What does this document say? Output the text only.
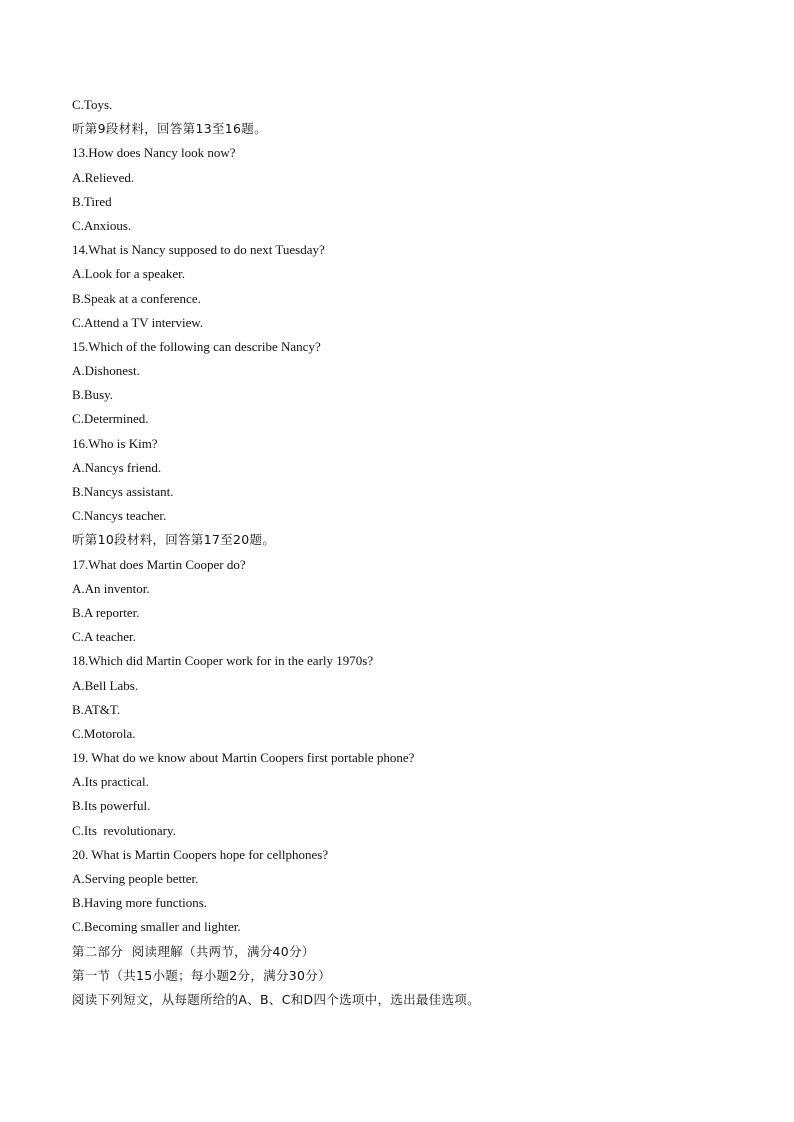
C.Toys.
听第9段材料，回答第13至16题。
13.How does Nancy look now?
A.Relieved.
B.Tired
C.Anxious.
14.What is Nancy supposed to do next Tuesday?
A.Look for a speaker.
B.Speak at a conference.
C.Attend a TV interview.
15.Which of the following can describe Nancy?
A.Dishonest.
B.Busy.
C.Determined.
16.Who is Kim?
A.Nancys friend.
B.Nancys assistant.
C.Nancys teacher.
听第10段材料，回答第17至20题。
17.What does Martin Cooper do?
A.An inventor.
B.A reporter.
C.A teacher.
18.Which did Martin Cooper work for in the early 1970s?
A.Bell Labs.
B.AT&T.
C.Motorola.
19. What do we know about Martin Coopers first portable phone?
A.Its practical.
B.Its powerful.
C.Its  revolutionary.
20. What is Martin Coopers hope for cellphones?
A.Serving people better.
B.Having more functions.
C.Becoming smaller and lighter.
第二部分  阅读理解（共两节，满分40分）
第一节（共15小题；每小题2分，满分30分）
阅读下列短文，从每题所给的A、B、C和D四个选项中，选出最佳选项。
